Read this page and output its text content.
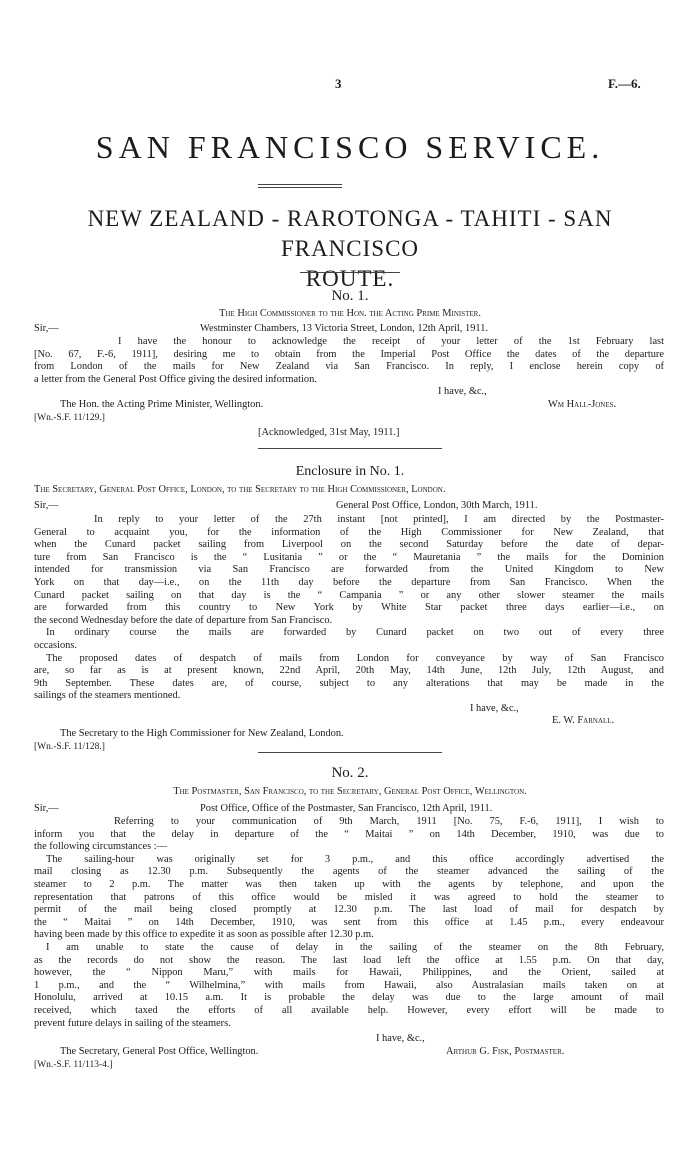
3	F.—6.
SAN FRANCISCO SERVICE.
NEW ZEALAND - RAROTONGA - TAHITI - SAN FRANCISCO
ROUTE.
No. 1.
The High Commissioner to the Hon. the Acting Prime Minister.
Sir,—	Westminster Chambers, 13 Victoria Street, London, 12th April, 1911.
I have the honour to acknowledge the receipt of your letter of the 1st February last
[No. 67, F.-6, 1911], desiring me to obtain from the Imperial Post Office the dates of the departure
from London of the mails for New Zealand via San Francisco. In reply, I enclose herein copy of
a letter from the General Post Office giving the desired information.
I have, &c.,
The Hon. the Acting Prime Minister, Wellington.	Wm Hall-Jones.
[Wn.-S.F. 11/129.]
[Acknowledged, 31st May, 1911.]
Enclosure in No. 1.
The Secretary, General Post Office, London, to the Secretary to the High Commissioner, London.
Sir,—	General Post Office, London, 30th March, 1911.
In reply to your letter of the 27th instant [not printed], I am directed by the Postmaster-
General to acquaint you, for the information of the High Commissioner for New Zealand, that
when the Cunard packet sailing from Liverpool on the second Saturday before the date of depar-
ture from San Francisco is the “ Lusitania ” or the “ Mauretania ” the mails for the Dominion
intended for transmission via San Francisco are forwarded from the United Kingdom to New
York on that day—i.e., on the 11th day before the departure from San Francisco. When the
Cunard packet sailing on that day is the “ Campania ” or any other slower steamer the mails
are forwarded from this country to New York by White Star packet three days earlier—i.e., on
the second Wednesday before the date of departure from San Francisco.
In ordinary course the mails are forwarded by Cunard packet on two out of every three
occasions.
The proposed dates of despatch of mails from London for conveyance by way of San Francisco
are, so far as is at present known, 22nd April, 20th May, 14th June, 12th July, 12th August, and
9th September. These dates are, of course, subject to any alterations that may be made in the
sailings of the steamers mentioned.
I have, &c.,
E. W. Farnall.
The Secretary to the High Commissioner for New Zealand, London.
[Wn.-S.F. 11/128.]
No. 2.
The Postmaster, San Francisco, to the Secretary, General Post Office, Wellington.
Sir,—	Post Office, Office of the Postmaster, San Francisco, 12th April, 1911.
Referring to your communication of 9th March, 1911 [No. 75, F.-6, 1911], I wish to
inform you that the delay in departure of the “ Maitai ” on 14th December, 1910, was due to
the following circumstances :—
The sailing-hour was originally set for 3 p.m., and this office accordingly advertised the
mail closing as 12.30 p.m. Subsequently the agents of the steamer advanced the sailing of the
steamer to 2 p.m. The matter was then taken up with the agents by telephone, and upon the
representation that patrons of this office would be misled it was agreed to hold the steamer to
permit of the mail being closed promptly at 12.30 p.m. The last load of mail for despatch by
the “ Maitai ” on 14th December, 1910, was sent from this office at 1.45 p.m., every endeavour
having been made by this office to expedite it as soon as possible after 12.30 p.m.
I am unable to state the cause of delay in the sailing of the steamer on the 8th February,
as the records do not show the reason. The last load left the office at 1.55 p.m. On that day,
however, the “ Nippon Maru,” with mails for Hawaii, Philippines, and the Orient, sailed at
1 p.m., and the “ Wilhelmina,” with mails from Hawaii, also Australasian mails taken on at
Honolulu, arrived at 10.15 a.m. It is probable the delay was due to the large amount of mail
received, which taxed the efforts of all available help. However, every effort will be made to
prevent future delays in sailing of the steamers.
I have, &c.,
The Secretary, General Post Office, Wellington.	Arthur G. Fisk, Postmaster.
[Wn.-S.F. 11/113-4.]
